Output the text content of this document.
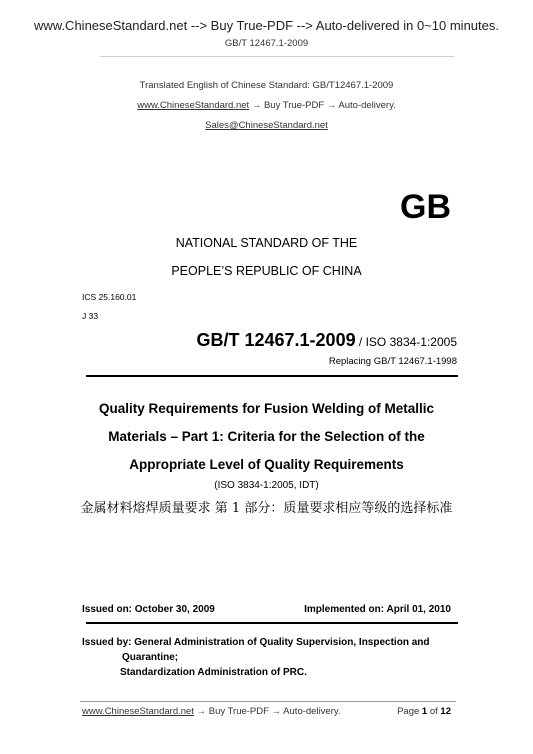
www.ChineseStandard.net --> Buy True-PDF --> Auto-delivered in 0~10 minutes.
GB/T 12467.1-2009
Translated English of Chinese Standard: GB/T12467.1-2009
www.ChineseStandard.net → Buy True-PDF → Auto-delivery.
Sales@ChineseStandard.net
GB
NATIONAL STANDARD OF THE
PEOPLE’S REPUBLIC OF CHINA
ICS 25.160.01
J 33
GB/T 12467.1-2009 / ISO 3834-1:2005
Replacing GB/T 12467.1-1998
Quality Requirements for Fusion Welding of Metallic
Materials – Part 1: Criteria for the Selection of the
Appropriate Level of Quality Requirements
(ISO 3834-1:2005, IDT)
金属材料熔焊质量要求 第 1 部分：质量要求相应等级的选择标准
Issued on: October 30, 2009	Implemented on: April 01, 2010
Issued by: General Administration of Quality Supervision, Inspection and
Quarantine;
Standardization Administration of PRC.
www.ChineseStandard.net → Buy True-PDF → Auto-delivery.	Page 1 of 12
